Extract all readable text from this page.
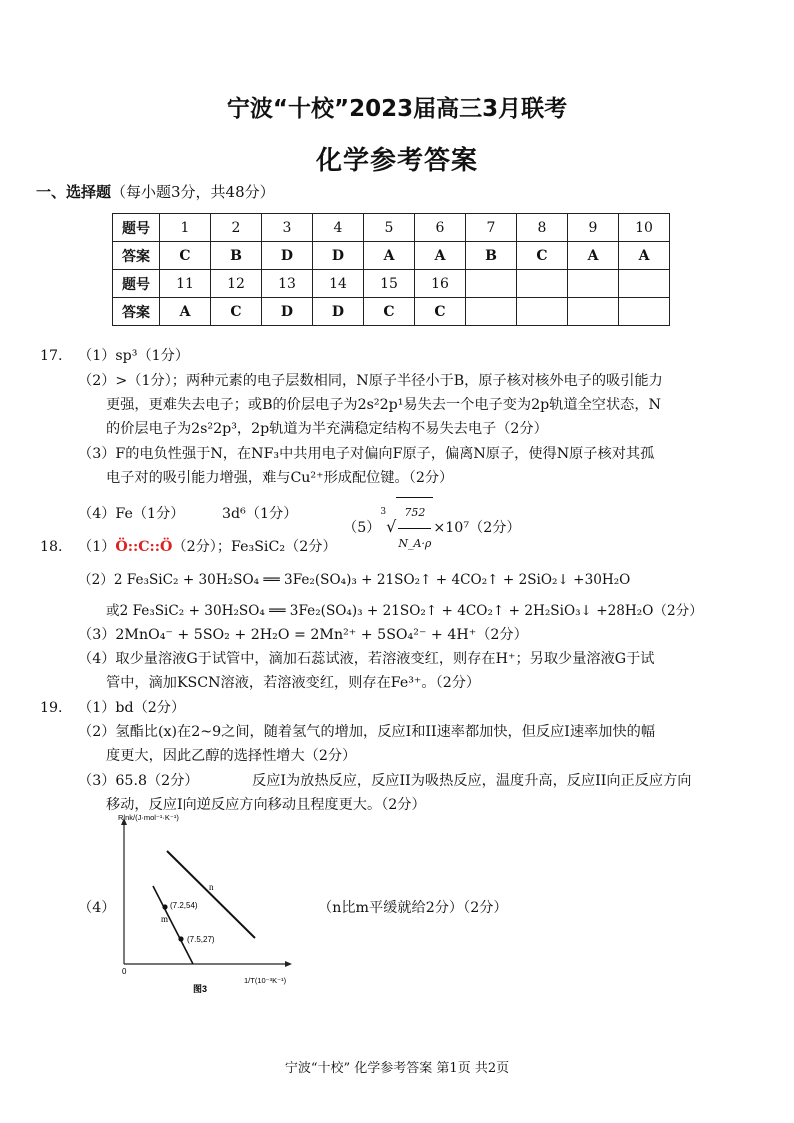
宁波“十校”2023届高三3月联考
化学参考答案
一、选择题（每小题3分，共48分）
题号	1	2	3	4	5	6	7	8	9	10
答案	C	B	D	D	A	A	B	C	A	A
题号	11	12	13	14	15	16				
答案	A	C	D	D	C	C				
17. （1）sp³（1分）
（2）>（1分）；两种元素的电子层数相同，N原子半径小于B，原子核对核外电子的吸引能力
更强，更难失去电子；或B的价层电子为2s²2p¹易失去一个电子变为2p轨道全空状态，N
的价层电子为2s²2p³，2p轨道为半充满稳定结构不易失去电子（2分）
（3）F的电负性强于N，在NF₃中共用电子对偏向F原子，偏离N原子，使得N原子核对其孤
电子对的吸引能力增强，难与Cu²⁺形成配位键。（2分）
（4）Fe（1分）	3d⁶（1分）
$(5)^3√ \frac{752}{N\_A\cdot\rho} \times 10^7(2$分）
18. （1）Ö::C::Ö（2分）；Fe₃SiC₂（2分）
（2）2 Fe₃SiC₂ + 30H₂SO₄ ══ 3Fe₂(SO₄)₃ + 21SO₂↑ + 4CO₂↑ + 2SiO₂↓ +30H₂O
或2 Fe₃SiC₂ + 30H₂SO₄ ══ 3Fe₂(SO₄)₃ + 21SO₂↑ + 4CO₂↑ + 2H₂SiO₃↓ +28H₂O（2分）
（3）2MnO₄⁻ + 5SO₂ + 2H₂O = 2Mn²⁺ + 5SO₄²⁻ + 4H⁺（2分）
（4）取少量溶液G于试管中，滴加石蕊试液，若溶液变红，则存在H⁺；另取少量溶液G于试
管中，滴加KSCN溶液，若溶液变红，则存在Fe³⁺。（2分）
19. （1）bd（2分）
（2）氢酯比(x)在2~9之间，随着氢气的增加，反应I和II速率都加快，但反应I速率加快的幅
度更大，因此乙醇的选择性增大（2分）
（3）65.8（2分）	反应I为放热反应，反应II为吸热反应，温度升高，反应II向正反应方向
移动，反应I向逆反应方向移动且程度更大。（2分）
（4）	（n比m平缓就给2分）（2分）
Rlnk/(J·mol⁻¹·K⁻¹)
n
m
(7.2,54)
(7.5,27)
0
1/T(10⁻³K⁻¹)
图3
宁波“十校” 化学参考答案 第1页 共2页
